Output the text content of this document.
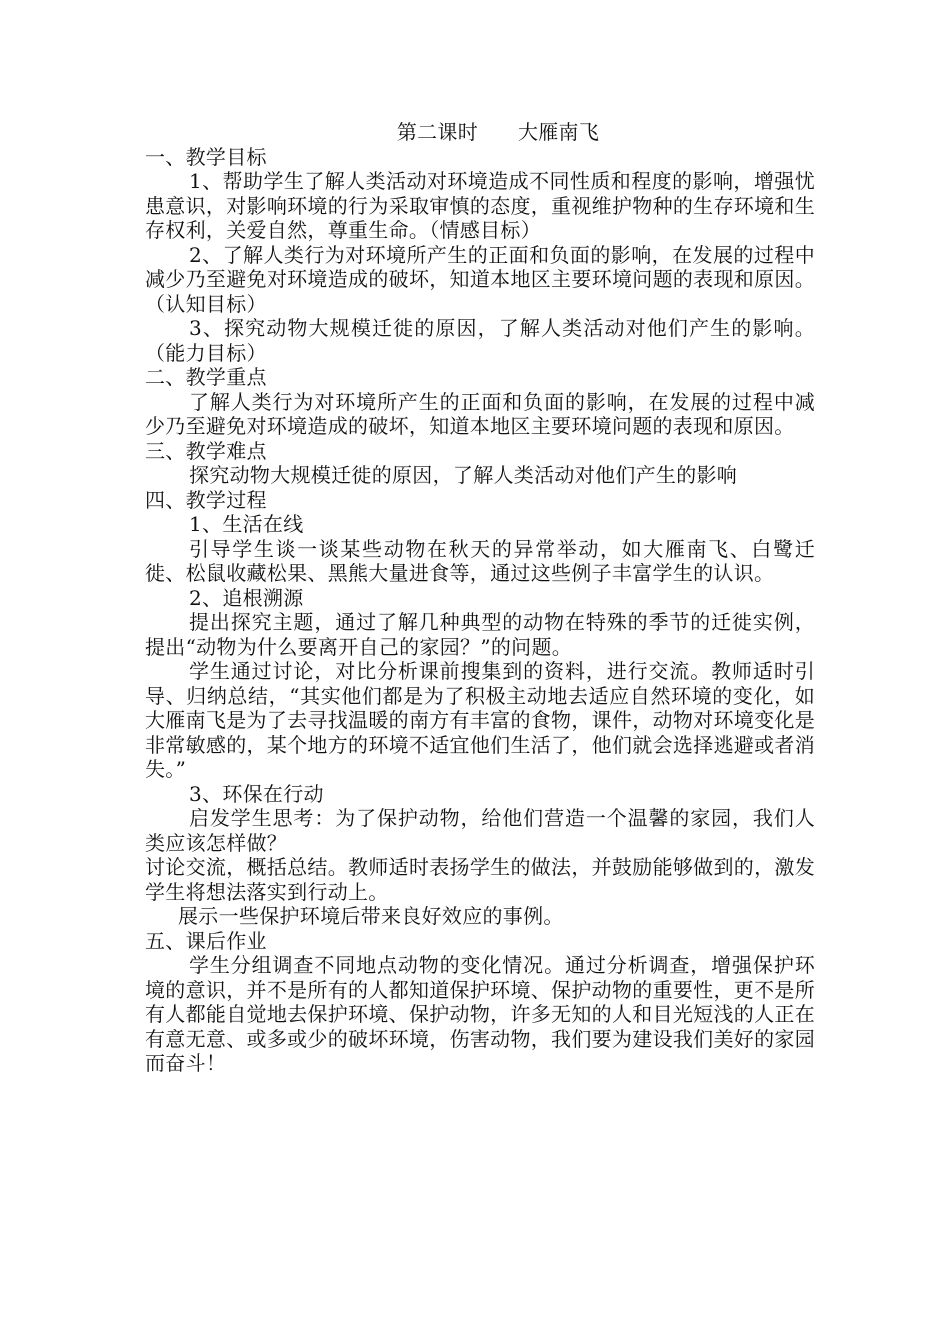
第二课时      大雁南飞

一、教学目标

1、帮助学生了解人类活动对环境造成不同性质和程度的影响，增强忧患意识，对影响环境的行为采取审慎的态度，重视维护物种的生存环境和生存权利，关爱自然，尊重生命。（情感目标）

2、了解人类行为对环境所产生的正面和负面的影响，在发展的过程中减少乃至避免对环境造成的破坏，知道本地区主要环境问题的表现和原因。（认知目标）

3、探究动物大规模迁徙的原因，了解人类活动对他们产生的影响。（能力目标）

二、教学重点

了解人类行为对环境所产生的正面和负面的影响，在发展的过程中减少乃至避免对环境造成的破坏，知道本地区主要环境问题的表现和原因。

三、教学难点

探究动物大规模迁徙的原因，了解人类活动对他们产生的影响

四、教学过程

1、生活在线

引导学生谈一谈某些动物在秋天的异常举动，如大雁南飞、白鹭迁徙、松鼠收藏松果、黑熊大量进食等，通过这些例子丰富学生的认识。

2、追根溯源

提出探究主题，通过了解几种典型的动物在特殊的季节的迁徙实例，提出“动物为什么要离开自己的家园？”的问题。

学生通过讨论，对比分析课前搜集到的资料，进行交流。教师适时引导、归纳总结，“其实他们都是为了积极主动地去适应自然环境的变化，如大雁南飞是为了去寻找温暖的南方有丰富的食物，课件，动物对环境变化是非常敏感的，某个地方的环境不适宜他们生活了，他们就会选择逃避或者消失。”

3、环保在行动

启发学生思考：为了保护动物，给他们营造一个温馨的家园，我们人类应该怎样做？

讨论交流，概括总结。教师适时表扬学生的做法，并鼓励能够做到的，激发学生将想法落实到行动上。

展示一些保护环境后带来良好效应的事例。

五、课后作业

学生分组调查不同地点动物的变化情况。通过分析调查，增强保护环境的意识，并不是所有的人都知道保护环境、保护动物的重要性，更不是所有人都能自觉地去保护环境、保护动物，许多无知的人和目光短浅的人正在有意无意、或多或少的破坏环境，伤害动物，我们要为建设我们美好的家园而奋斗！
